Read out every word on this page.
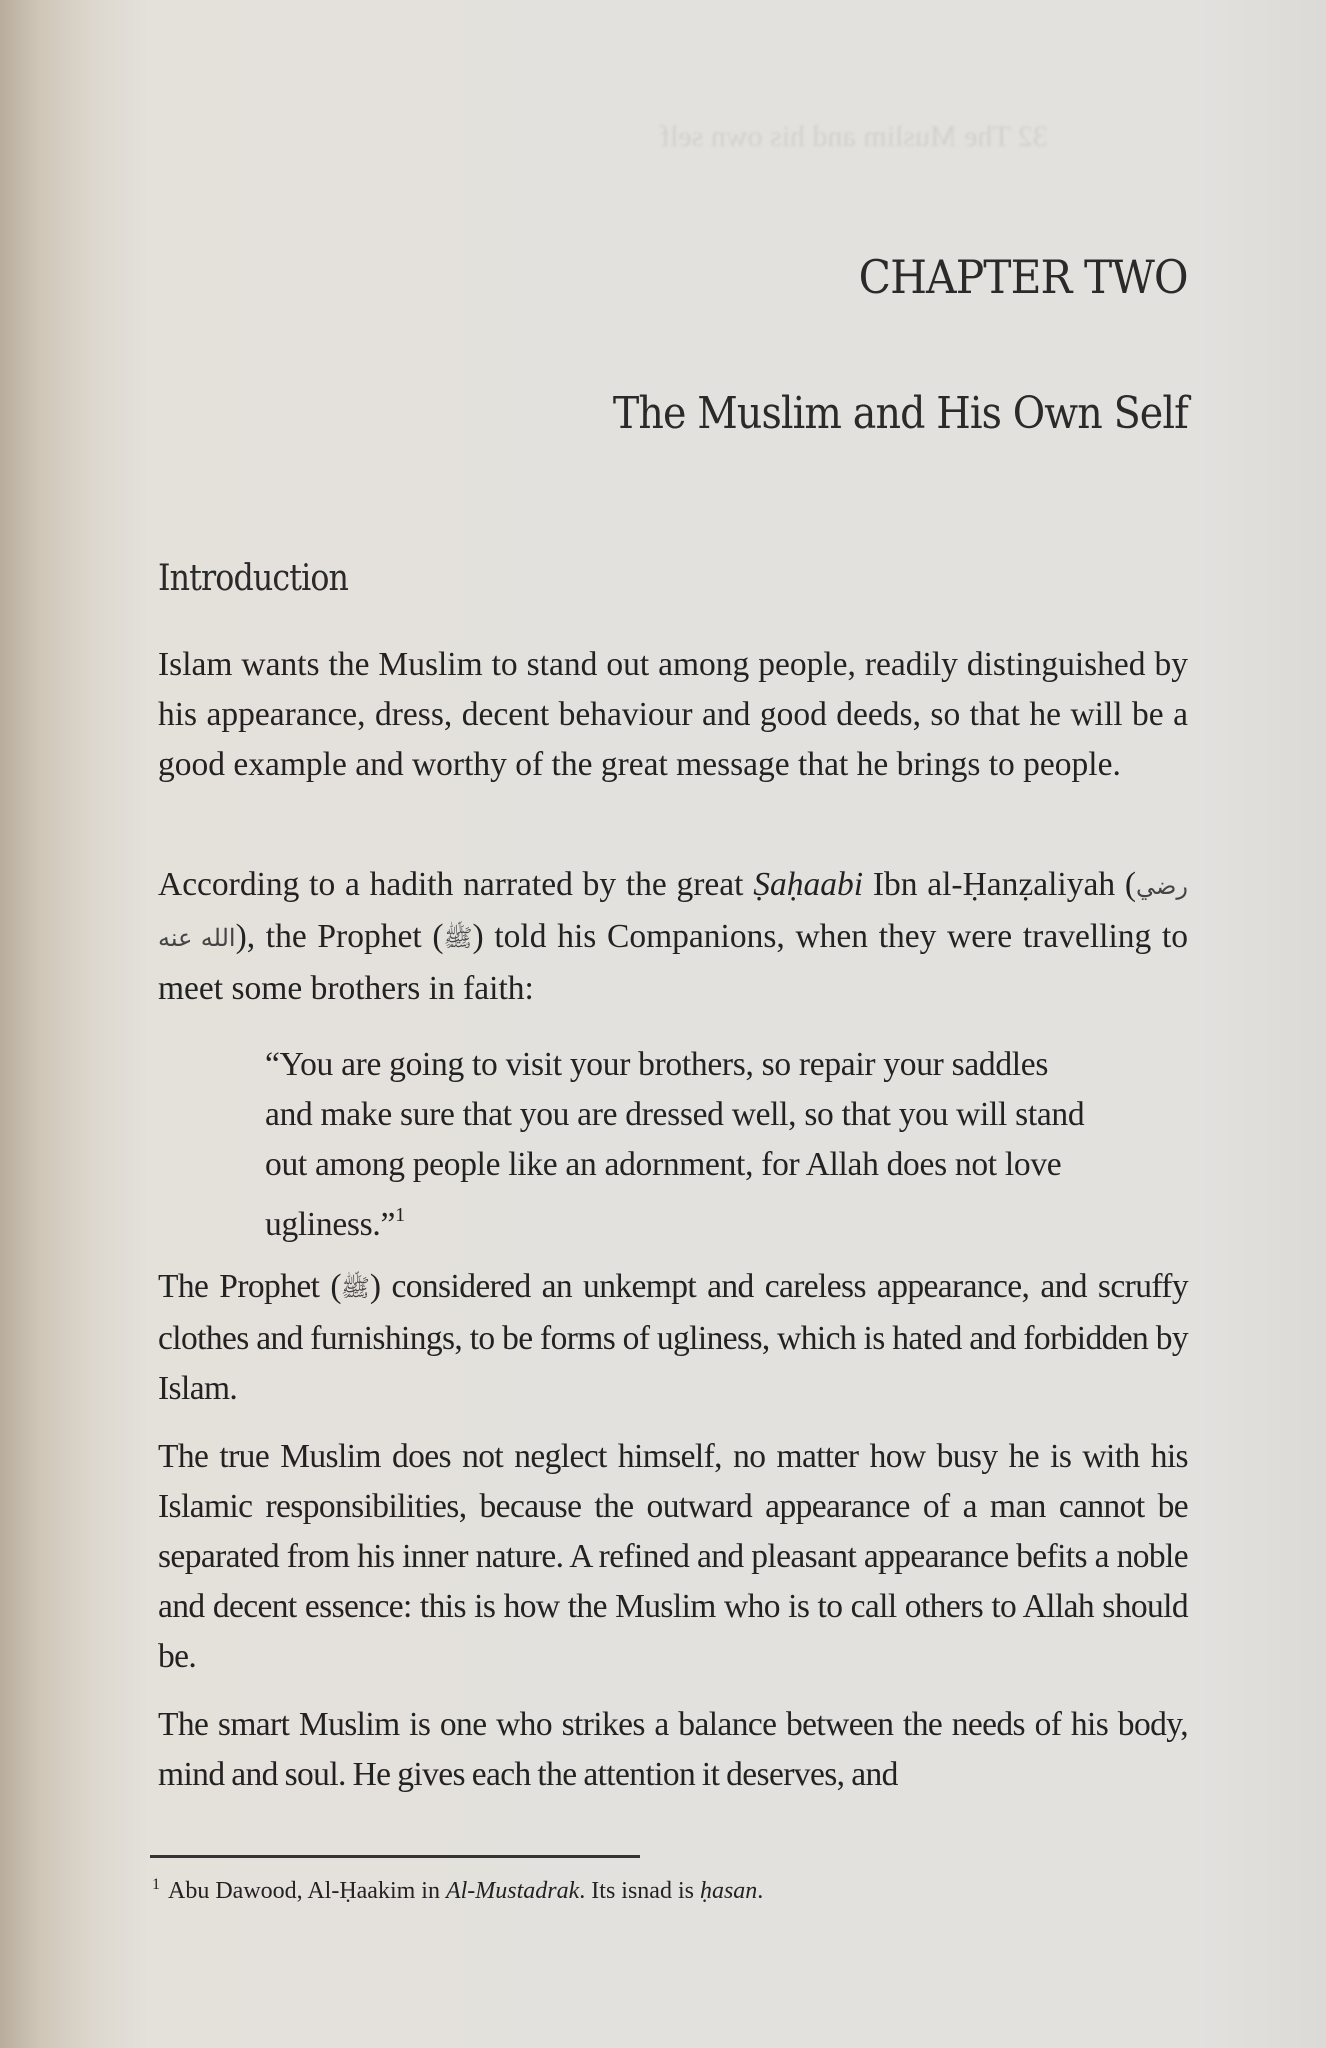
32 The Muslim and his own self
CHAPTER TWO
The Muslim and His Own Self
Introduction

Islam wants the Muslim to stand out among people, readily distinguished by his appearance, dress, decent behaviour and good deeds, so that he will be a good example and worthy of the great message that he brings to people.

According to a hadith narrated by the great Ṣaḥaabi Ibn al-Ḥanẓaliyah (رضي الله عنه), the Prophet (ﷺ) told his Companions, when they were travelling to meet some brothers in faith:

“You are going to visit your brothers, so repair your saddles and make sure that you are dressed well, so that you will stand out among people like an adornment, for Allah does not love ugliness.”$^1$

The Prophet (ﷺ) considered an unkempt and careless appearance, and scruffy clothes and furnishings, to be forms of ugliness, which is hated and forbidden by Islam.

The true Muslim does not neglect himself, no matter how busy he is with his Islamic responsibilities, because the outward appearance of a man cannot be separated from his inner nature. A refined and pleasant appearance befits a noble and decent essence: this is how the Muslim who is to call others to Allah should be.

The smart Muslim is one who strikes a balance between the needs of his body, mind and soul. He gives each the attention it deserves, and

$^1$ Abu Dawood, Al-Ḥaakim in Al-Mustadrak. Its isnad is ḥasan.
